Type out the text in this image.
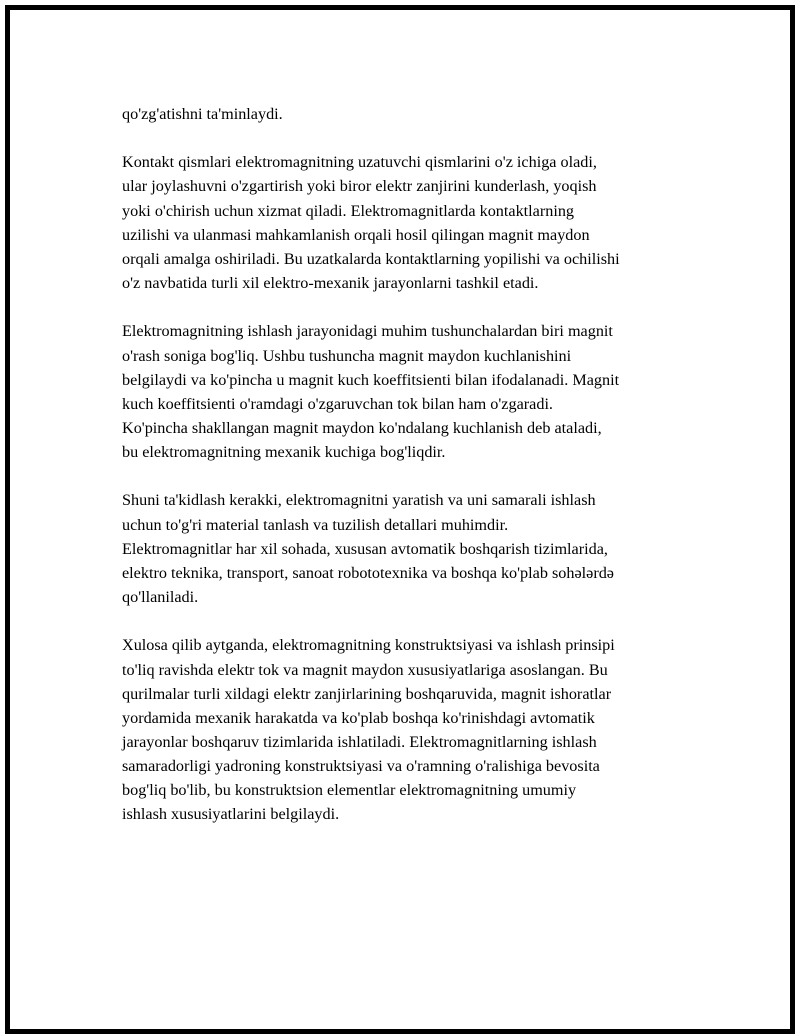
qo'zg'atishni ta'minlaydi.

Kontakt qismlari elektromagnitning uzatuvchi qismlarini o'z ichiga oladi,
ular joylashuvni o'zgartirish yoki biror elektr zanjirini kunderlash, yoqish
yoki o'chirish uchun xizmat qiladi. Elektromagnitlarda kontaktlarning
uzilishi va ulanmasi mahkamlanish orqali hosil qilingan magnit maydon
orqali amalga oshiriladi. Bu uzatkalarda kontaktlarning yopilishi va ochilishi
o'z navbatida turli xil elektro-mexanik jarayonlarni tashkil etadi.

Elektromagnitning ishlash jarayonidagi muhim tushunchalardan biri magnit
o'rash soniga bog'liq. Ushbu tushuncha magnit maydon kuchlanishini
belgilaydi va ko'pincha u magnit kuch koeffitsienti bilan ifodalanadi. Magnit
kuch koeffitsienti o'ramdagi o'zgaruvchan tok bilan ham o'zgaradi.
Ko'pincha shakllangan magnit maydon ko'ndalang kuchlanish deb ataladi,
bu elektromagnitning mexanik kuchiga bog'liqdir.

Shuni ta'kidlash kerakki, elektromagnitni yaratish va uni samarali ishlash
uchun to'g'ri material tanlash va tuzilish detallari muhimdir.
Elektromagnitlar har xil sohada, xususan avtomatik boshqarish tizimlarida,
elektro teknika, transport, sanoat robototexnika va boshqa ko'plab sohələrdə
qo'llaniladi.

Xulosa qilib aytganda, elektromagnitning konstruktsiyasi va ishlash prinsipi
to'liq ravishda elektr tok va magnit maydon xususiyatlariga asoslangan. Bu
qurilmalar turli xildagi elektr zanjirlarining boshqaruvida, magnit ishoratlar
yordamida mexanik harakatda va ko'plab boshqa ko'rinishdagi avtomatik
jarayonlar boshqaruv tizimlarida ishlatiladi. Elektromagnitlarning ishlash
samaradorligi yadroning konstruktsiyasi va o'ramning o'ralishiga bevosita
bog'liq bo'lib, bu konstruktsion elementlar elektromagnitning umumiy
ishlash xususiyatlarini belgilaydi.
